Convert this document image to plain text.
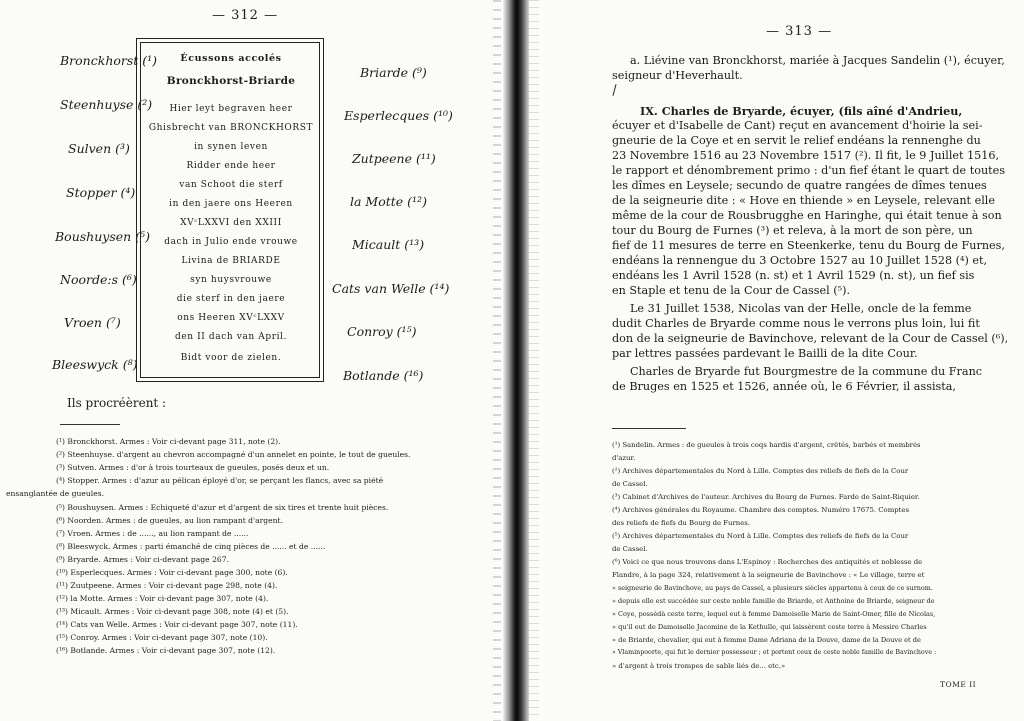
— 312 —
Bronckhorst (¹)
Steenhuyse (²)
Sulven (³)
Stopper (⁴)
Boushuysen (⁵)
Noorde:s (⁶)
Vroen (⁷)
Bleeswyck (⁸)
Écussons accolés
Bronckhorst-Briarde
Hier leyt begraven heer
Ghisbrecht van BRONCKHORST
in synen leven
Ridder ende heer
van Schoot die sterf
in den jaere ons Heeren
XVᶜLXXVI den XXIII
dach in Julio ende vrouwe
Livina de BRIARDE
syn huysvrouwe
die sterf in den jaere
ons Heeren XVᶜLXXV
den II dach van April.
Bidt voor de zielen.
Briarde (⁹)
Esperlecques (¹⁰)
Zutpeene (¹¹)
la Motte (¹²)
Micault (¹³)
Cats van Welle (¹⁴)
Conroy (¹⁵)
Botlande (¹⁶)
Ils procréèrent :
(¹) Bronckhorst. Armes : Voir ci-devant page 311, note (2).
(²) Steenhuyse. d'argent au chevron accompagné d'un annelet en pointe, le tout de gueules.
(³) Sutven. Armes : d'or à trois tourteaux de gueules, posés deux et un.
(⁴) Stopper. Armes : d'azur au pélican éployé d'or, se perçant les flancs, avec sa piété
ensanglantée de gueules.
(⁵) Boushuysen. Armes : Echiqueté d'azur et d'argent de six tires et trente huit pièces.
(⁶) Noorden. Armes : de gueules, au lion rampant d'argent.
(⁷) Vroen. Armes : de ......, au lion rampant de ......
(⁸) Bleeswyck. Armes : parti émanché de cinq pièces de ...... et de ......
(⁹) Bryarde. Armes : Voir ci-devant page 267.
(¹⁰) Esperlecques. Armes : Voir ci-devant page 300, note (6).
(¹¹) Zuutpeene. Armes : Voir ci-devant page 298, note (4).
(¹²) la Motte. Armes : Voir ci-devant page 307, note (4).
(¹³) Micault. Armes : Voir ci-devant page 308, note (4) et (5).
(¹⁴) Cats van Welle. Armes : Voir ci-devant page 307, note (11).
(¹⁵) Conroy. Armes : Voir ci-devant page 307, note (10).
(¹⁶) Botlande. Armes : Voir ci-devant page 307, note (12).
— 313 —
a. Liévine van Bronckhorst, mariée à Jacques Sandelin (¹), écuyer,
seigneur d'Heverhault.
IX. Charles de Bryarde, écuyer, (fils aîné d'Andrieu,
écuyer et d'Isabelle de Cant) reçut en avancement d'hoirie la sei-
gneurie de la Coye et en servit le relief endéans la rennenghe du
23 Novembre 1516 au 23 Novembre 1517 (²). Il fit, le 9 Juillet 1516,
le rapport et dénombrement primo : d'un fief étant le quart de toutes
les dîmes en Leysele; secundo de quatre rangées de dîmes tenues
de la seigneurie dite : « Hove en thiende » en Leysele, relevant elle
même de la cour de Rousbrugghe en Haringhe, qui était tenue à son
tour du Bourg de Furnes (³) et releva, à la mort de son père, un
fief de 11 mesures de terre en Steenkerke, tenu du Bourg de Furnes,
endéans la rennengue du 3 Octobre 1527 au 10 Juillet 1528 (⁴) et,
endéans les 1 Avril 1528 (n. st) et 1 Avril 1529 (n. st), un fief sis
en Staple et tenu de la Cour de Cassel (⁵).
Le 31 Juillet 1538, Nicolas van der Helle, oncle de la femme
dudit Charles de Bryarde comme nous le verrons plus loin, lui fit
don de la seigneurie de Bavinchove, relevant de la Cour de Cassel (⁶),
par lettres passées pardevant le Bailli de la dite Cour.
Charles de Bryarde fut Bourgmestre de la commune du Franc
de Bruges en 1525 et 1526, année où, le 6 Février, il assista,
(¹) Sandelin. Armes : de gueules à trois coqs hardis d'argent, crêtés, barbés et membrés
d'azur.
(²) Archives départementales du Nord à Lille. Comptes des reliefs de fiefs de la Cour
de Cassel.
(³) Cabinet d'Archives de l'auteur. Archives du Bourg de Furnes. Farde de Saint-Riquier.
(⁴) Archives générales du Royaume. Chambre des comptes. Numéro 17675. Comptes
des reliefs de fiefs du Bourg de Furnes.
(⁵) Archives départementales du Nord à Lille. Comptes des reliefs de fiefs de la Cour
de Cassel.
(⁶) Voici ce que nous trouvons dans L'Espinoy : Recherches des antiquités et noblesse de
Flandre, à la page 324, relativement à la seigneurie de Bavinchove : « Le village, terre et
» seigneurie de Bavinchove, au pays de Cassel, a plusieurs siècles appartenu à ceux de ce surnom.
» depuis elle est succédée sur ceste noble famille de Briarde, et Anthoine de Briarde, seigneur de
» Coye, possédà ceste terre, lequel eut à femme Damoiselle Marie de Saint-Omer, fille de Nicolas,
» qu'il eut de Damoiselle Jacomine de la Kethulle, qui laissèrent ceste terre à Messire Charles
» de Briarde, chevalier, qui eut à femme Dame Adriana de la Douve, dame de la Douve et de
» Vlaminpoorte, qui fut le dernier possesseur ; et portent ceux de ceste noble famille de Bavinchove :
» d'argent à trois trompes de sable liés de... etc.»
TOME II
